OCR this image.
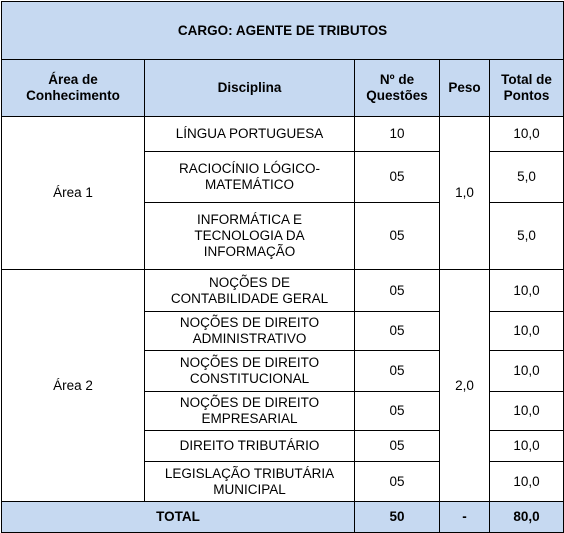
CARGO: AGENTE DE TRIBUTOS				
Área de Conhecimento	Disciplina	Nº de Questões	Peso	Total de Pontos
Área 1	LÍNGUA PORTUGUESA	10	1,0	10,0
	RACIOCÍNIO LÓGICO-MATEMÁTICO	05		5,0
	INFORMÁTICA E TECNOLOGIA DA INFORMAÇÃO	05		5,0
Área 2	NOÇÕES DE CONTABILIDADE GERAL	05	2,0	10,0
	NOÇÕES DE DIREITO ADMINISTRATIVO	05		10,0
	NOÇÕES DE DIREITO CONSTITUCIONAL	05		10,0
	NOÇÕES DE DIREITO EMPRESARIAL	05		10,0
	DIREITO TRIBUTÁRIO	05		10,0
	LEGISLAÇÃO TRIBUTÁRIA MUNICIPAL	05		10,0
TOTAL		50	-	80,0
